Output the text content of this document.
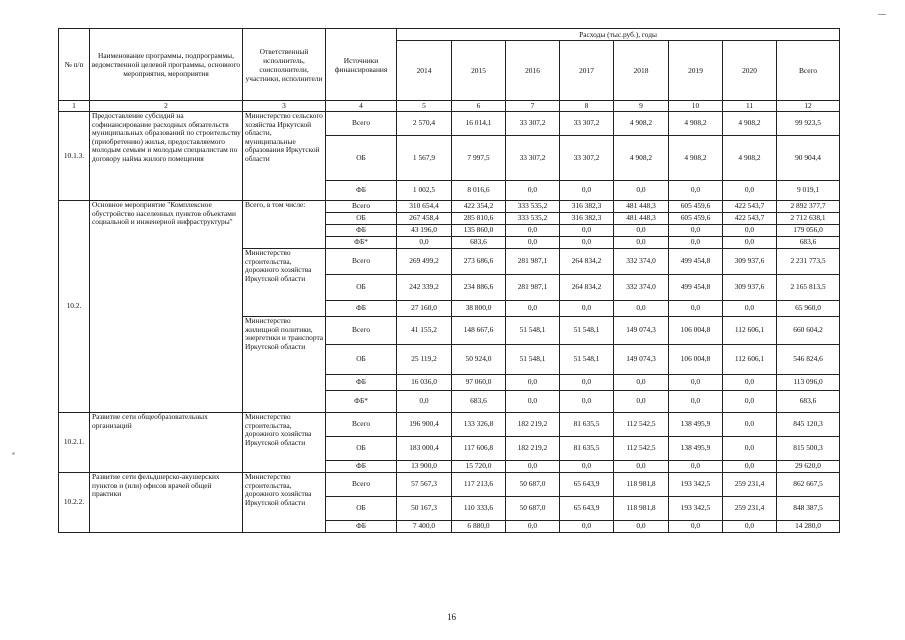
№ п/п	Наименование программы, подпрограммы, ведомственной целевой программы, основного мероприятия, мероприятия	Ответственный исполнитель, соисполнители, участники, исполнители	Источники финансирования	Расходы (тыс.руб.), годы							
				2014	2015	2016	2017	2018	2019	2020	Всего
1	2	3	4	5	6	7	8	9	10	11	12
10.1.3.	Предоставление субсидий на софинансирование расходных обязательств муниципальных образований по строительству (приобретению) жилья, предоставляемого молодым семьям и молодым специалистам по договору найма жилого помещения	Министерство сельского хозяйства Иркутской области, муниципальные образования Иркутской области	Всего	2 570,4	16 014,1	33 307,2	33 307,2	4 908,2	4 908,2	4 908,2	99 923,5
			ОБ	1 567,9	7 997,5	33 307,2	33 307,2	4 908,2	4 908,2	4 908,2	90 904,4
			ФБ	1 002,5	8 016,6	0,0	0,0	0,0	0,0	0,0	9 019,1
10.2.	Основное мероприятие "Комплексное обустройство населенных пунктов объектами социальной и инженерной инфраструктуры"	Всего, в том числе:	Всего	310 654,4	422 354,2	333 535,2	316 382,3	481 448,3	605 459,6	422 543,7	2 892 377,7
			ОБ	267 458,4	285 810,6	333 535,2	316 382,3	481 448,3	605 459,6	422 543,7	2 712 638,1
			ФБ	43 196,0	135 860,0	0,0	0,0	0,0	0,0	0,0	179 056,0
			ФБ*	0,0	683,6	0,0	0,0	0,0	0,0	0,0	683,6
		Министерство строительства, дорожного хозяйства Иркутской области	Всего	269 499,2	273 686,6	281 987,1	264 834,2	332 374,0	499 454,8	309 937,6	2 231 773,5
			ОБ	242 339,2	234 886,6	281 987,1	264 834,2	332 374,0	499 454,8	309 937,6	2 165 813,5
			ФБ	27 160,0	38 800,0	0,0	0,0	0,0	0,0	0,0	65 960,0
		Министерство жилищной политики, энергетики и транспорта Иркутской области	Всего	41 155,2	148 667,6	51 548,1	51 548,1	149 074,3	106 004,8	112 606,1	660 604,2
			ОБ	25 119,2	50 924,0	51 548,1	51 548,1	149 074,3	106 004,8	112 606,1	546 824,6
			ФБ	16 036,0	97 060,0	0,0	0,0	0,0	0,0	0,0	113 096,0
			ФБ*	0,0	683,6	0,0	0,0	0,0	0,0	0,0	683,6
10.2.1.	Развитие сети общеобразовательных организаций	Министерство строительства, дорожного хозяйства Иркутской области	Всего	196 900,4	133 326,8	182 219,2	81 635,5	112 542,5	138 495,9	0,0	845 120,3
			ОБ	183 000,4	117 606,8	182 219,2	81 635,5	112 542,5	138 495,9	0,0	815 500,3
			ФБ	13 900,0	15 720,0	0,0	0,0	0,0	0,0	0,0	29 620,0
10.2.2.	Развитие сети фельдшерско-акушерских пунктов и (или) офисов врачей общей практики	Министерство строительства, дорожного хозяйства Иркутской области	Всего	57 567,3	117 213,6	50 687,0	65 643,9	118 981,8	193 342,5	259 231,4	862 667,5
			ОБ	50 167,3	110 333,6	50 687,0	65 643,9	118 981,8	193 342,5	259 231,4	848 387,5
			ФБ	7 400,0	6 880,0	0,0	0,0	0,0	0,0	0,0	14 280,0
16
